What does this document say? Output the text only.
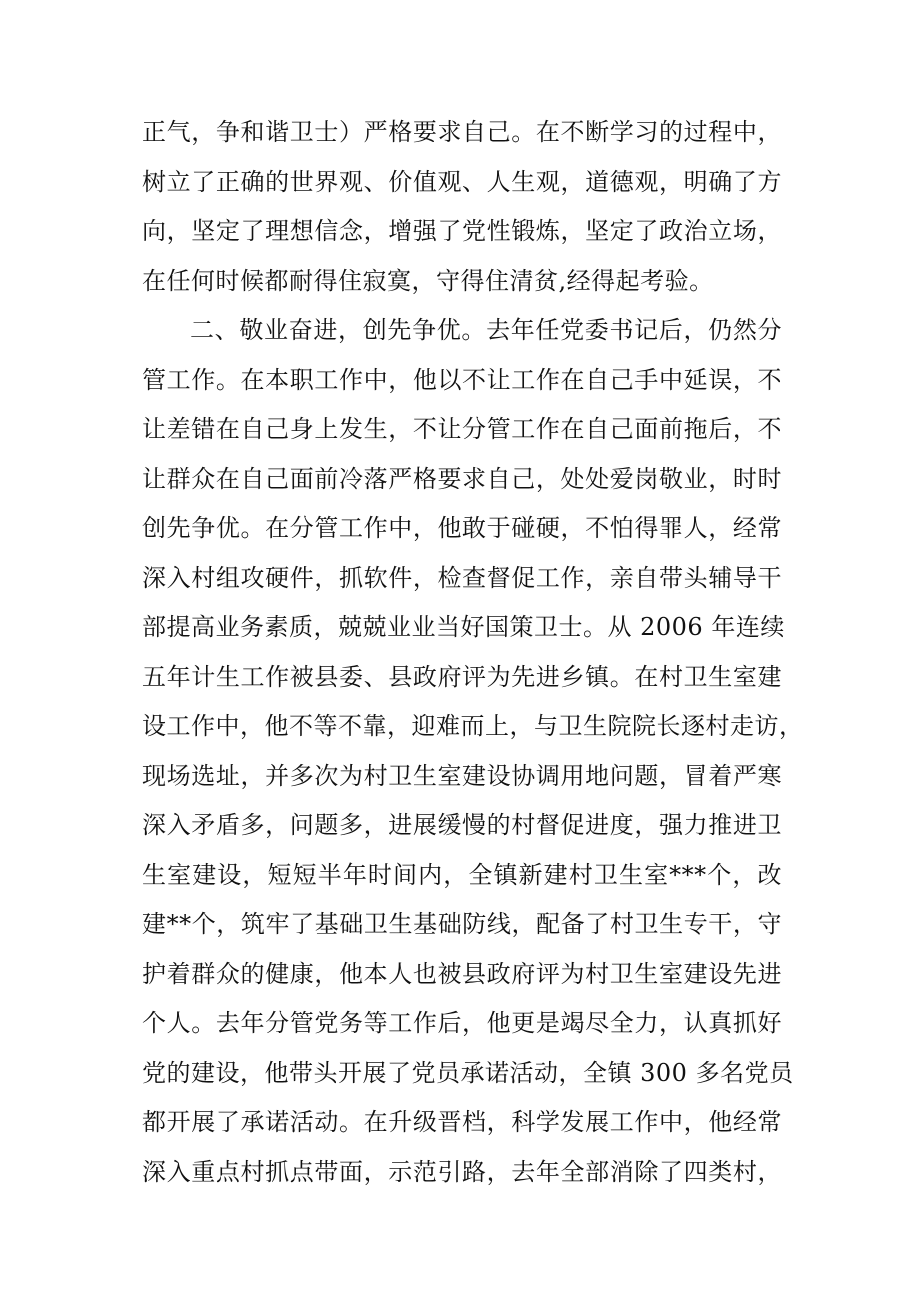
正气，争和谐卫士）严格要求自己。在不断学习的过程中，
树立了正确的世界观、价值观、人生观，道德观，明确了方
向，坚定了理想信念，增强了党性锻炼，坚定了政治立场，
在任何时候都耐得住寂寞，守得住清贫,经得起考验。
二、敬业奋进，创先争优。去年任党委书记后，仍然分
管工作。在本职工作中，他以不让工作在自己手中延误，不
让差错在自己身上发生，不让分管工作在自己面前拖后，不
让群众在自己面前冷落严格要求自己，处处爱岗敬业，时时
创先争优。在分管工作中，他敢于碰硬，不怕得罪人，经常
深入村组攻硬件，抓软件，检查督促工作，亲自带头辅导干
部提高业务素质，兢兢业业当好国策卫士。从 2006 年连续
五年计生工作被县委、县政府评为先进乡镇。在村卫生室建
设工作中，他不等不靠，迎难而上，与卫生院院长逐村走访，
现场选址，并多次为村卫生室建设协调用地问题，冒着严寒
深入矛盾多，问题多，进展缓慢的村督促进度，强力推进卫
生室建设，短短半年时间内，全镇新建村卫生室***个，改
建**个，筑牢了基础卫生基础防线，配备了村卫生专干，守
护着群众的健康，他本人也被县政府评为村卫生室建设先进
个人。去年分管党务等工作后，他更是竭尽全力，认真抓好
党的建设，他带头开展了党员承诺活动，全镇 300 多名党员
都开展了承诺活动。在升级晋档，科学发展工作中，他经常
深入重点村抓点带面，示范引路，去年全部消除了四类村，
